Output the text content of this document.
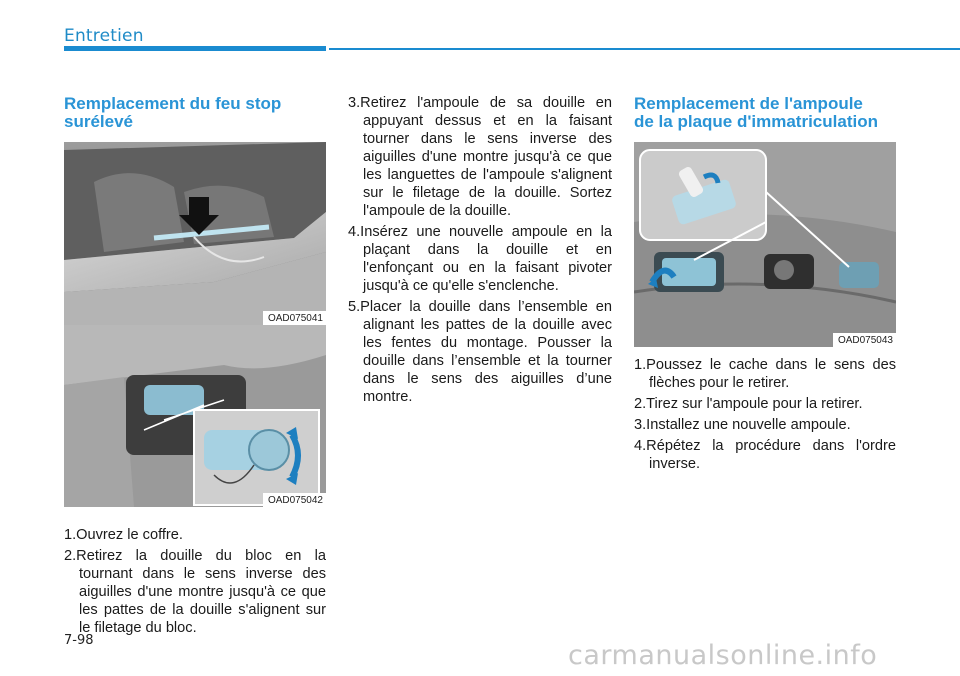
Entretien
Remplacement du feu stop
surélevé
OAD075041
OAD075042
1.Ouvrez le coffre.
2.Retirez la douille du bloc en la tournant dans le sens inverse des aiguilles d'une montre jusqu'à ce que les pattes de la douille s'alignent sur le filetage du bloc.
3.Retirez l'ampoule de sa douille en appuyant dessus et en la faisant tourner dans le sens inverse des aiguilles d'une montre jusqu'à ce que les languettes de l'ampoule s'alignent sur le filetage de la douille. Sortez l'ampoule de la douille.
4.Insérez une nouvelle ampoule en la plaçant dans la douille et en l'enfonçant ou en la faisant pivoter jusqu'à ce qu'elle s'enclenche.
5.Placer la douille dans l’ensemble en alignant les pattes de la douille avec les fentes du montage. Pousser la douille dans l’ensemble et la tourner dans le sens des aiguilles d’une montre.
Remplacement de l'ampoule
de la plaque d'immatriculation
OAD075043
1.Poussez le cache dans le sens des flèches pour le retirer.
2.Tirez sur l'ampoule pour la retirer.
3.Installez une nouvelle ampoule.
4.Répétez la procédure dans l'ordre inverse.
7-98	carmanualsonline.info
